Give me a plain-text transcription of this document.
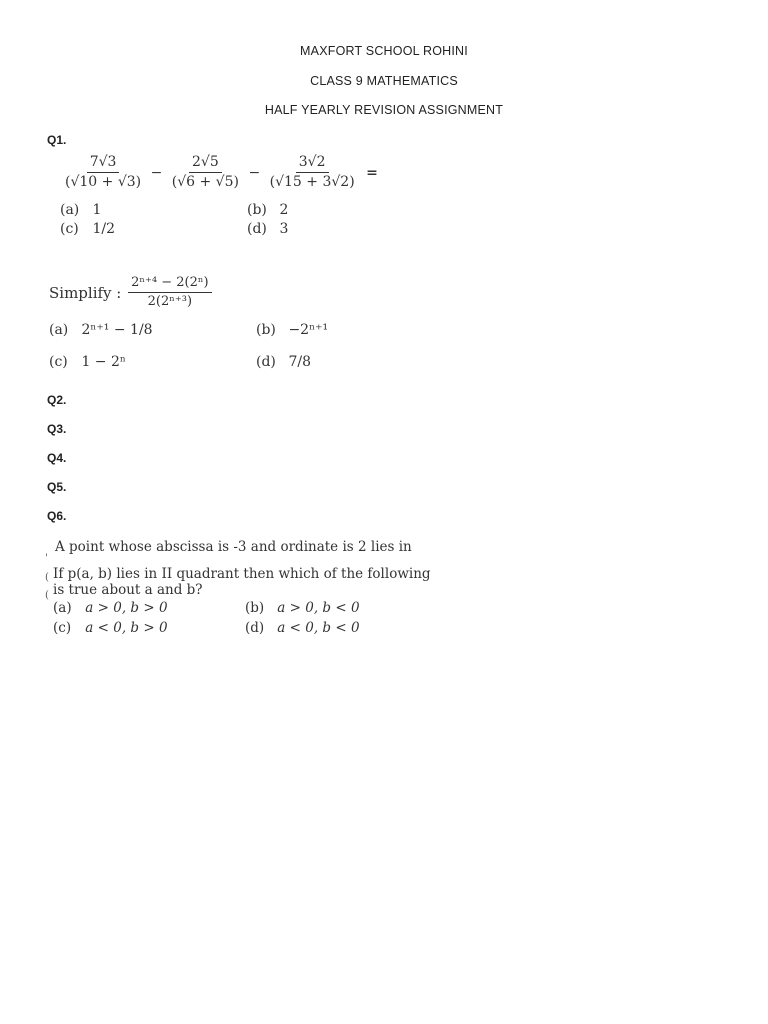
MAXFORT SCHOOL ROHINI
CLASS 9 MATHEMATICS
HALF YEARLY REVISION ASSIGNMENT
Q1.
$\frac{7√3}{(√10 + √3)} - \frac{2√5}{(√6 + √5)} - \frac{3√2}{(√15 + 3√2)}$ =
(a) 1	(b) 2
(c) 1/2	(d) 3
Simplify : $\frac{\text{2ⁿ⁺⁴ − 2(2ⁿ)}}{\text{2(2ⁿ⁺³)}}$
(a) 2ⁿ⁺¹ − 1/8	(b) −2ⁿ⁺¹
(c) 1 − 2ⁿ	(d) 7/8
Q2.
Q3.
Q4.
Q5.
Q6.
A point whose abscissa is -3 and ordinate is 2 lies in
'
(
(
If p(a, b) lies in II quadrant then which of the following
is true about a and b?
(a) a > 0, b > 0	(b) a > 0, b < 0
(c) a < 0, b > 0	(d) a < 0, b < 0
